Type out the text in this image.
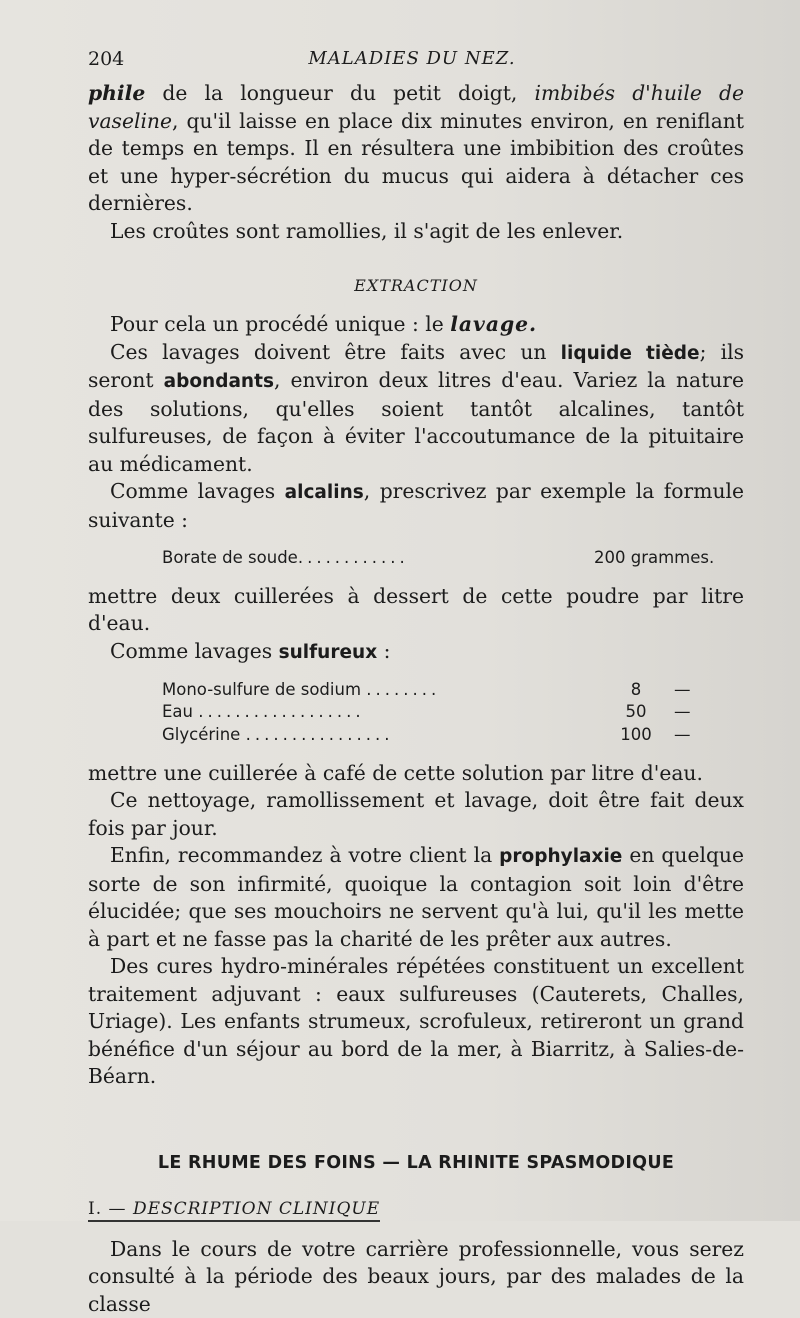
204	MALADIES DU NEZ.

phile de la longueur du petit doigt, imbibés d'huile de vaseline, qu'il laisse en place dix minutes environ, en reniflant de temps en temps. Il en résultera une imbibition des croûtes et une hyper-sécrétion du mucus qui aidera à détacher ces dernières.

Les croûtes sont ramollies, il s'agit de les enlever.

EXTRACTION

Pour cela un procédé unique : le lavage.

Ces lavages doivent être faits avec un liquide tiède; ils seront abondants, environ deux litres d'eau. Variez la nature des solutions, qu'elles soient tantôt alcalines, tantôt sulfureuses, de façon à éviter l'accoutumance de la pituitaire au médicament.

Comme lavages alcalins, prescrivez par exemple la formule suivante :

Borate de soude............	200 grammes.

mettre deux cuillerées à dessert de cette poudre par litre d'eau.

Comme lavages sulfureux :

Mono-sulfure de sodium ........	8	—
Eau ..................	50	—
Glycérine ................	100	—

mettre une cuillerée à café de cette solution par litre d'eau.

Ce nettoyage, ramollissement et lavage, doit être fait deux fois par jour.

Enfin, recommandez à votre client la prophylaxie en quelque sorte de son infirmité, quoique la contagion soit loin d'être élucidée; que ses mouchoirs ne servent qu'à lui, qu'il les mette à part et ne fasse pas la charité de les prêter aux autres.

Des cures hydro-minérales répétées constituent un excellent traitement adjuvant : eaux sulfureuses (Cauterets, Challes, Uriage). Les enfants strumeux, scrofuleux, retireront un grand bénéfice d'un séjour au bord de la mer, à Biarritz, à Salies-de-Béarn.

LE RHUME DES FOINS — LA RHINITE SPASMODIQUE
I. — DESCRIPTION CLINIQUE

Dans le cours de votre carrière professionnelle, vous serez consulté à la période des beaux jours, par des malades de la classe
